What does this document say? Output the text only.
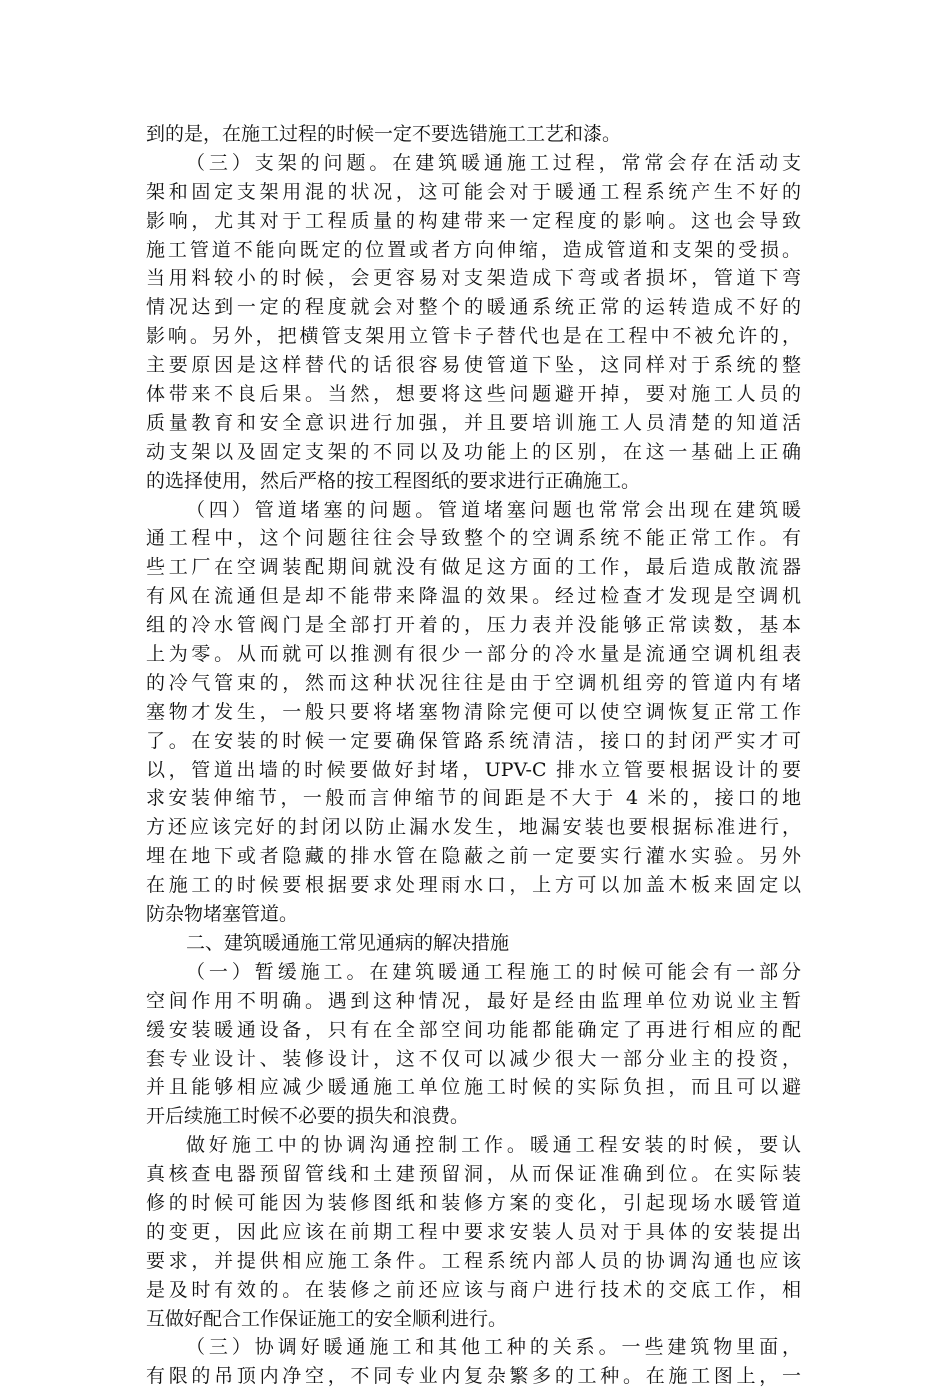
到的是，在施工过程的时候一定不要选错施工工艺和漆。
（三）支架的问题。在建筑暖通施工过程，常常会存在活动支
架和固定支架用混的状况，这可能会对于暖通工程系统产生不好的
影响，尤其对于工程质量的构建带来一定程度的影响。这也会导致
施工管道不能向既定的位置或者方向伸缩，造成管道和支架的受损。
当用料较小的时候，会更容易对支架造成下弯或者损坏，管道下弯
情况达到一定的程度就会对整个的暖通系统正常的运转造成不好的
影响。另外，把横管支架用立管卡子替代也是在工程中不被允许的，
主要原因是这样替代的话很容易使管道下坠，这同样对于系统的整
体带来不良后果。当然，想要将这些问题避开掉，要对施工人员的
质量教育和安全意识进行加强，并且要培训施工人员清楚的知道活
动支架以及固定支架的不同以及功能上的区别，在这一基础上正确
的选择使用，然后严格的按工程图纸的要求进行正确施工。
（四）管道堵塞的问题。管道堵塞问题也常常会出现在建筑暖
通工程中，这个问题往往会导致整个的空调系统不能正常工作。有
些工厂在空调装配期间就没有做足这方面的工作，最后造成散流器
有风在流通但是却不能带来降温的效果。经过检查才发现是空调机
组的冷水管阀门是全部打开着的，压力表并没能够正常读数，基本
上为零。从而就可以推测有很少一部分的冷水量是流通空调机组表
的冷气管束的，然而这种状况往往是由于空调机组旁的管道内有堵
塞物才发生，一般只要将堵塞物清除完便可以使空调恢复正常工作
了。在安装的时候一定要确保管路系统清洁，接口的封闭严实才可
以，管道出墙的时候要做好封堵，UPV-C 排水立管要根据设计的要
求安装伸缩节，一般而言伸缩节的间距是不大于 4 米的，接口的地
方还应该完好的封闭以防止漏水发生，地漏安装也要根据标准进行，
埋在地下或者隐藏的排水管在隐蔽之前一定要实行灌水实验。另外
在施工的时候要根据要求处理雨水口，上方可以加盖木板来固定以
防杂物堵塞管道。
二、建筑暖通施工常见通病的解决措施
（一）暂缓施工。在建筑暖通工程施工的时候可能会有一部分
空间作用不明确。遇到这种情况，最好是经由监理单位劝说业主暂
缓安装暖通设备，只有在全部空间功能都能确定了再进行相应的配
套专业设计、装修设计，这不仅可以减少很大一部分业主的投资，
并且能够相应减少暖通施工单位施工时候的实际负担，而且可以避
开后续施工时候不必要的损失和浪费。
做好施工中的协调沟通控制工作。暖通工程安装的时候，要认
真核查电器预留管线和土建预留洞，从而保证准确到位。在实际装
修的时候可能因为装修图纸和装修方案的变化，引起现场水暖管道
的变更，因此应该在前期工程中要求安装人员对于具体的安装提出
要求，并提供相应施工条件。工程系统内部人员的协调沟通也应该
是及时有效的。在装修之前还应该与商户进行技术的交底工作，相
互做好配合工作保证施工的安全顺利进行。
（三）协调好暖通施工和其他工种的关系。一些建筑物里面，
有限的吊顶内净空，不同专业内复杂繁多的工种。在施工图上，一
